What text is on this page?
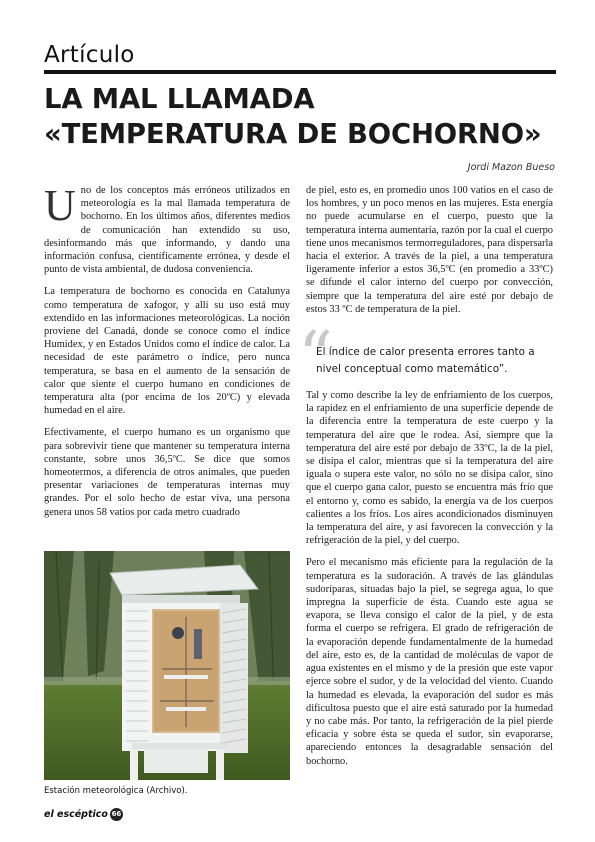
Artículo
LA MAL LLAMADA
«TEMPERATURA DE BOCHORNO»
Jordi Mazon Bueso

Uno de los conceptos más erróneos utilizados en meteorología es la mal llamada temperatura de bochorno. En los últimos años, diferentes medios de comunicación han extendido su uso, desinformando más que informando, y dando una información confusa, científicamente errónea, y desde el punto de vista ambiental, de dudosa conveniencia.

La temperatura de bochorno es conocida en Catalunya como temperatura de xafogor, y allí su uso está muy extendido en las informaciones meteorológicas. La noción proviene del Canadá, donde se conoce como el índice Humidex, y en Estados Unidos como el índice de calor. La necesidad de este parámetro o índice, pero nunca temperatura, se basa en el aumento de la sensación de calor que siente el cuerpo humano en condiciones de temperatura alta (por encima de los 20ºC) y elevada humedad en el aire.

Efectivamente, el cuerpo humano es un organismo que para sobrevivir tiene que mantener su temperatura interna constante, sobre unos 36,5ºC. Se dice que somos homeotermos, a diferencia de otros animales, que pueden presentar variaciones de temperaturas internas muy grandes. Por el solo hecho de estar viva, una persona genera unos 58 vatios por cada metro cuadrado

Estación meteorológica (Archivo).

de piel, esto es, en promedio unos 100 vatios en el caso de los hombres, y un poco menos en las mujeres. Esta energía no puede acumularse en el cuerpo, puesto que la temperatura interna aumentaría, razón por la cual el cuerpo tiene unos mecanismos termorreguladores, para dispersarla hacia el exterior. A través de la piel, a una temperatura ligeramente inferior a estos 36,5ºC (en promedio a 33ºC) se difunde el calor interno del cuerpo por convección, siempre que la temperatura del aire esté por debajo de estos 33 ºC de temperatura de la piel.

Tal y como describe la ley de enfriamiento de los cuerpos, la rapidez en el enfriamiento de una superficie depende de la diferencia entre la temperatura de este cuerpo y la temperatura del aire que le rodea. Así, siempre que la temperatura del aire esté por debajo de 33ºC, la de la piel, se disipa el calor, mientras que si la temperatura del aire iguala o supera este valor, no sólo no se disipa calor, sino que el cuerpo gana calor, puesto se encuentra más frío que el entorno y, como es sabido, la energía va de los cuerpos calientes a los fríos. Los aires acondicionados disminuyen la temperatura del aire, y así favorecen la convección y la refrigeración de la piel, y del cuerpo.

Pero el mecanismo más eficiente para la regulación de la temperatura es la sudoración. A través de las glándulas sudoríparas, situadas bajo la piel, se segrega agua, lo que impregna la superficie de ésta. Cuando este agua se evapora, se lleva consigo el calor de la piel, y de esta forma el cuerpo se refrigera. El grado de refrigeración de la evaporación depende fundamentalmente de la humedad del aire, esto es, de la cantidad de moléculas de vapor de agua existentes en el mismo y de la presión que este vapor ejerce sobre el sudor, y de la velocidad del viento. Cuando la humedad es elevada, la evaporación del sudor es más dificultosa puesto que el aire está saturado por la humedad y no cabe más. Por tanto, la refrigeración de la piel pierde eficacia y sobre ésta se queda el sudor, sin evaporarse, apareciendo entonces la desagradable sensación del bochorno.

“
El índice de calor presenta errores tanto a nivel conceptual como matemático”.
el escéptico 66
